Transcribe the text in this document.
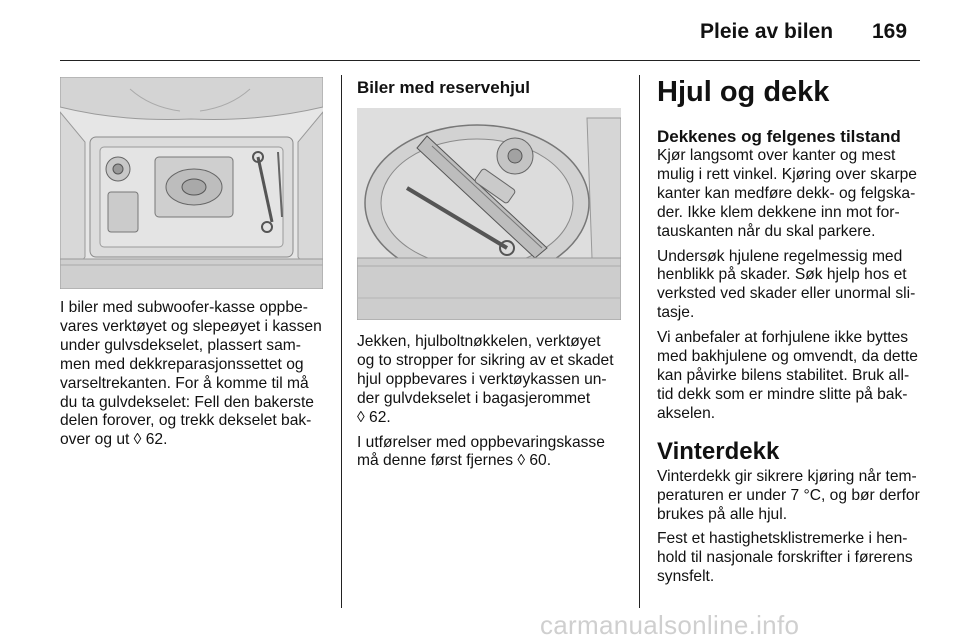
Pleie av bilen 169

I biler med subwoofer-kasse oppbe-
vares verktøyet og slepeøyet i kassen
under gulvsdekselet, plassert sam-
men med dekkreparasjonssettet og
varseltrekanten. For å komme til må
du ta gulvdekselet: Fell den bakerste
delen forover, og trekk dekselet bak-
over og ut ◊ 62.

Biler med reservehjul

Jekken, hjulboltnøkkelen, verktøyet
og to stropper for sikring av et skadet
hjul oppbevares i verktøykassen un-
der gulvdekselet i bagasjerommet
◊ 62.

I utførelser med oppbevaringskasse
må denne først fjernes ◊ 60.

Hjul og dekk

Dekkenes og felgenes tilstand

Kjør langsomt over kanter og mest
mulig i rett vinkel. Kjøring over skarpe
kanter kan medføre dekk- og felgska-
der. Ikke klem dekkene inn mot for-
tauskanten når du skal parkere.

Undersøk hjulene regelmessig med
henblikk på skader. Søk hjelp hos et
verksted ved skader eller unormal sli-
tasje.

Vi anbefaler at forhjulene ikke byttes
med bakhjulene og omvendt, da dette
kan påvirke bilens stabilitet. Bruk all-
tid dekk som er mindre slitte på bak-
akselen.

Vinterdekk

Vinterdekk gir sikrere kjøring når tem-
peraturen er under 7 °C, og bør derfor
brukes på alle hjul.

Fest et hastighetsklistremerke i hen-
hold til nasjonale forskrifter i førerens
synsfelt.

carmanualsonline.info
